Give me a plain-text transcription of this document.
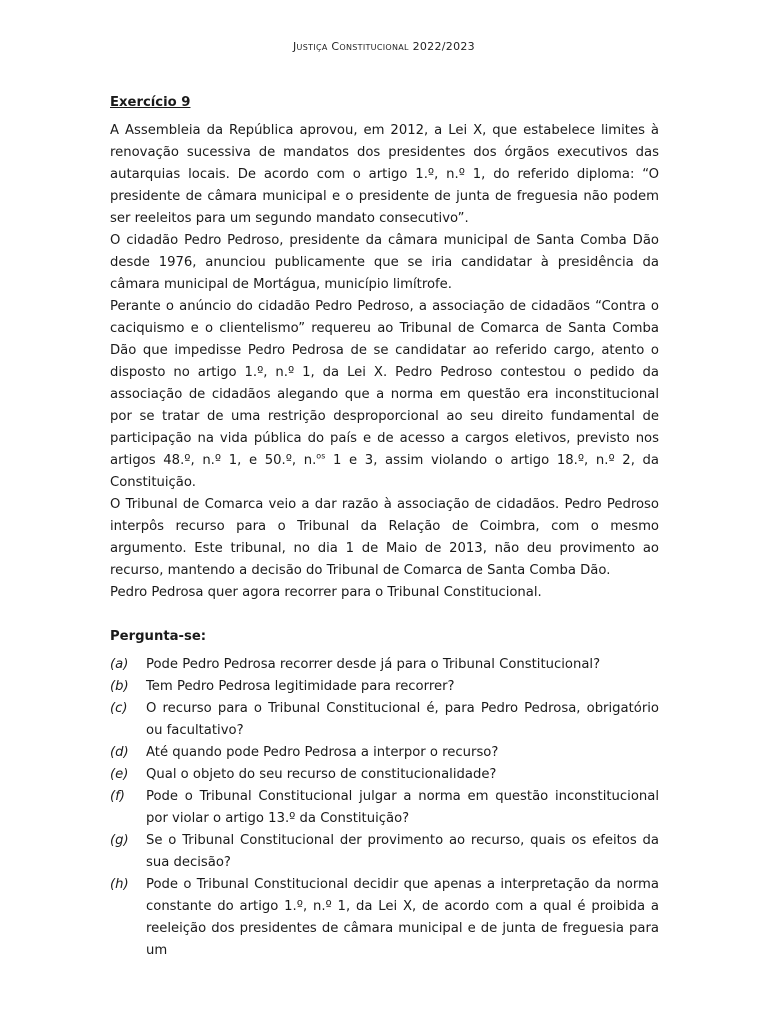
Justiça Constitucional 2022/2023

Exercício 9

A Assembleia da República aprovou, em 2012, a Lei X, que estabelece limites à renovação sucessiva de mandatos dos presidentes dos órgãos executivos das autarquias locais. De acordo com o artigo 1.º, n.º 1, do referido diploma: “O presidente de câmara municipal e o presidente de junta de freguesia não podem ser reeleitos para um segundo mandato consecutivo”.

O cidadão Pedro Pedroso, presidente da câmara municipal de Santa Comba Dão desde 1976, anunciou publicamente que se iria candidatar à presidência da câmara municipal de Mortágua, município limítrofe.

Perante o anúncio do cidadão Pedro Pedroso, a associação de cidadãos “Contra o caciquismo e o clientelismo” requereu ao Tribunal de Comarca de Santa Comba Dão que impedisse Pedro Pedrosa de se candidatar ao referido cargo, atento o disposto no artigo 1.º, n.º 1, da Lei X. Pedro Pedroso contestou o pedido da associação de cidadãos alegando que a norma em questão era inconstitucional por se tratar de uma restrição desproporcional ao seu direito fundamental de participação na vida pública do país e de acesso a cargos eletivos, previsto nos artigos 48.º, n.º 1, e 50.º, n.$^{os}$ 1 e 3, assim violando o artigo 18.º, n.º 2, da Constituição.

O Tribunal de Comarca veio a dar razão à associação de cidadãos. Pedro Pedroso interpôs recurso para o Tribunal da Relação de Coimbra, com o mesmo argumento. Este tribunal, no dia 1 de Maio de 2013, não deu provimento ao recurso, mantendo a decisão do Tribunal de Comarca de Santa Comba Dão.

Pedro Pedrosa quer agora recorrer para o Tribunal Constitucional.

Pergunta-se:

(a)	Pode Pedro Pedrosa recorrer desde já para o Tribunal Constitucional?
(b)	Tem Pedro Pedrosa legitimidade para recorrer?
(c)	O recurso para o Tribunal Constitucional é, para Pedro Pedrosa, obrigatório ou facultativo?
(d)	Até quando pode Pedro Pedrosa a interpor o recurso?
(e)	Qual o objeto do seu recurso de constitucionalidade?
(f)	Pode o Tribunal Constitucional julgar a norma em questão inconstitucional por violar o artigo 13.º da Constituição?
(g)	Se o Tribunal Constitucional der provimento ao recurso, quais os efeitos da sua decisão?
(h)	Pode o Tribunal Constitucional decidir que apenas a interpretação da norma constante do artigo 1.º, n.º 1, da Lei X, de acordo com a qual é proibida a reeleição dos presidentes de câmara municipal e de junta de freguesia para um
